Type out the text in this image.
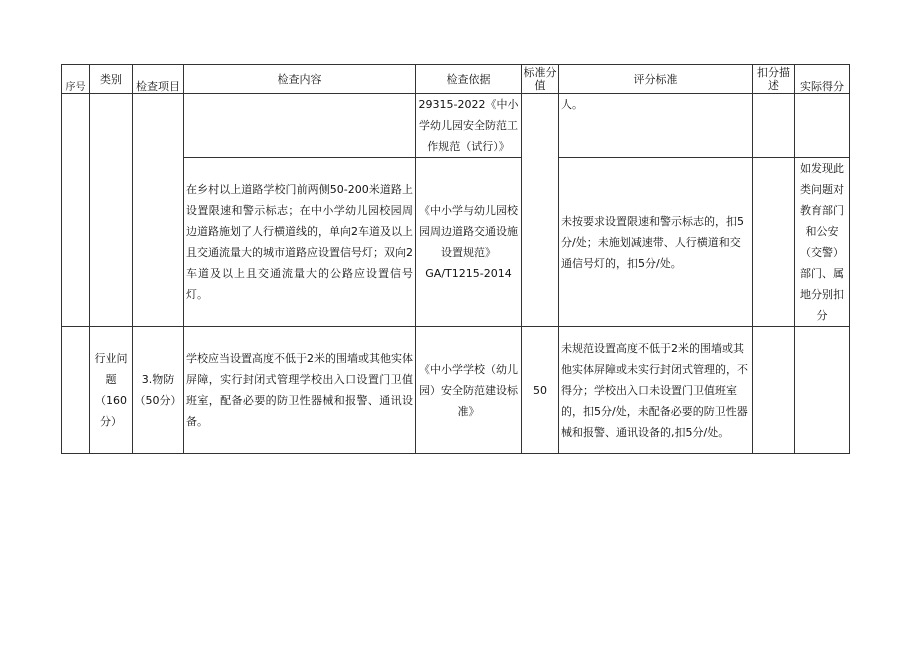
序号	类别	检查项目	检查内容	检查依据	标准分值	评分标准	扣分描述	实际得分
				29315-2022《中小学幼儿园安全防范工作规范（试行）》		人。		
			在乡村以上道路学校门前两侧50-200米道路上设置限速和警示标志；在中小学幼儿园校园周边道路施划了人行横道线的，单向2车道及以上且交通流量大的城市道路应设置信号灯；双向2车道及以上且交通流量大的公路应设置信号灯。	《中小学与幼儿园校园周边道路交通设施设置规范》GA/T1215-2014		未按要求设置限速和警示标志的，扣5分/处；未施划减速带、人行横道和交通信号灯的，扣5分/处。		如发现此类问题对教育部门和公安（交警）部门、属地分别扣分
	行业问题（160分）	3.物防（50分）	学校应当设置高度不低于2米的围墙或其他实体屏障，实行封闭式管理学校出入口设置门卫值班室，配备必要的防卫性器械和报警、通讯设备。	《中小学学校（幼儿园）安全防范建设标准》	50	未规范设置高度不低于2米的围墙或其他实体屏障或未实行封闭式管理的，不得分；学校出入口未设置门卫值班室的，扣5分/处，未配备必要的防卫性器械和报警、通讯设备的,扣5分/处。		
